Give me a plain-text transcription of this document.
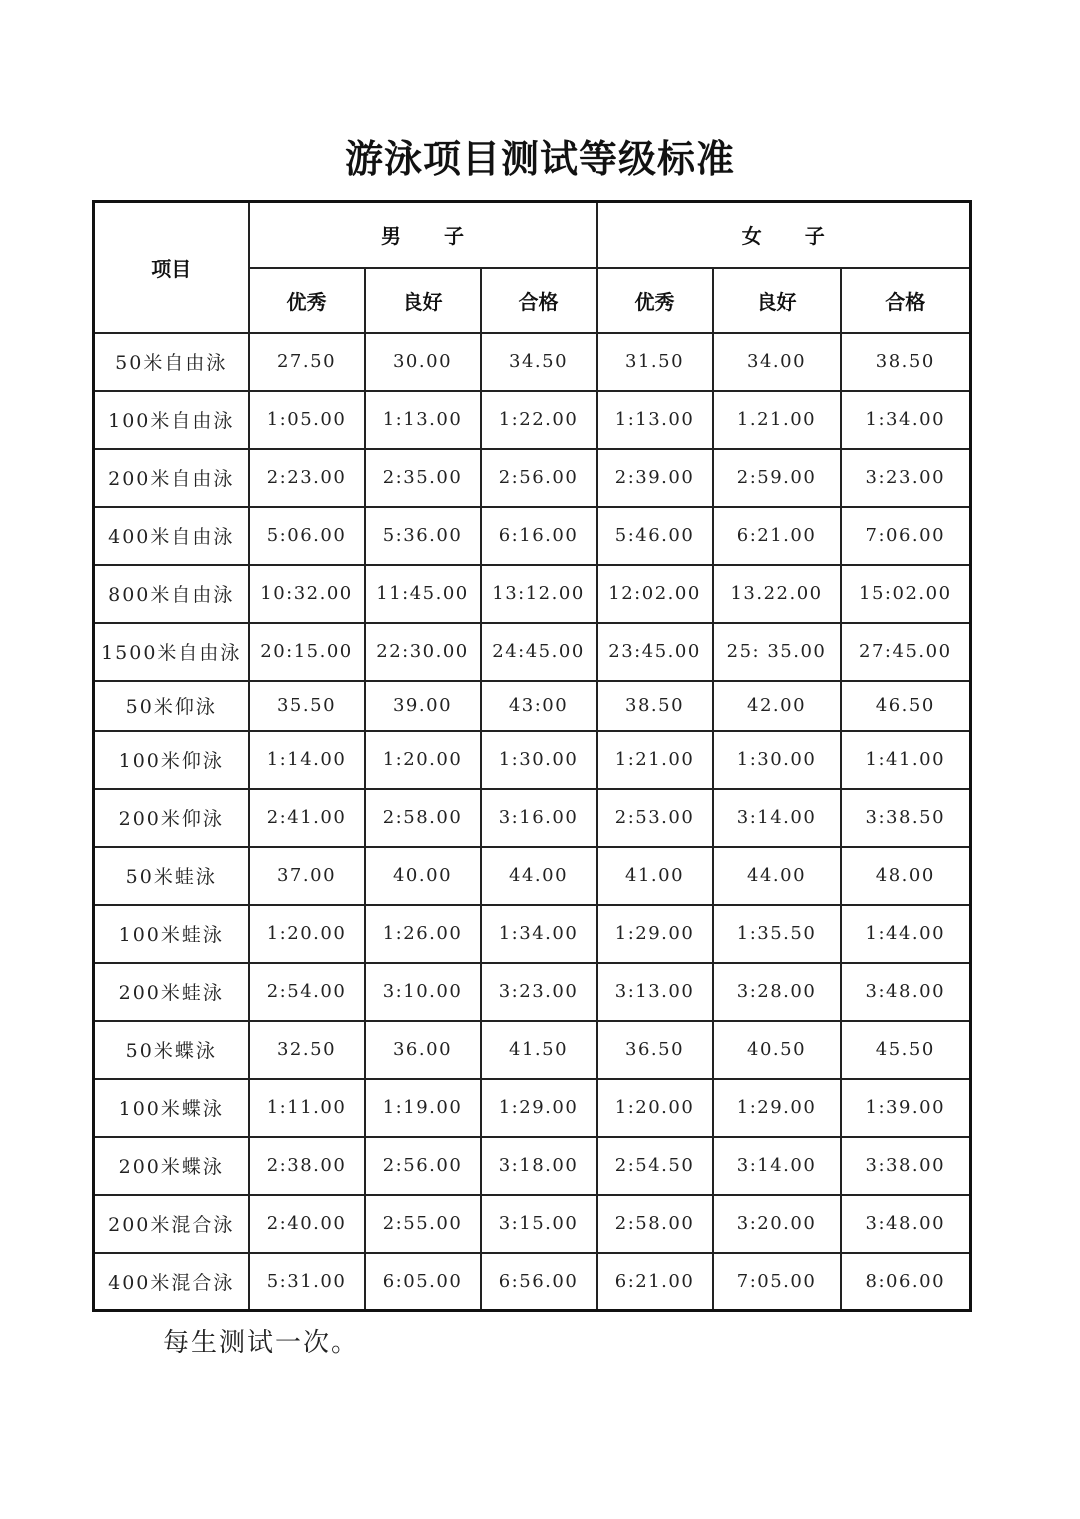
游泳项目测试等级标准
项目	男 子			女 子		
	优秀	良好	合格	优秀	良好	合格
50米自由泳	27.50	30.00	34.50	31.50	34.00	38.50
100米自由泳	1:05.00	1:13.00	1:22.00	1:13.00	1.21.00	1:34.00
200米自由泳	2:23.00	2:35.00	2:56.00	2:39.00	2:59.00	3:23.00
400米自由泳	5:06.00	5:36.00	6:16.00	5:46.00	6:21.00	7:06.00
800米自由泳	10:32.00	11:45.00	13:12.00	12:02.00	13.22.00	15:02.00
1500米自由泳	20:15.00	22:30.00	24:45.00	23:45.00	25: 35.00	27:45.00
50米仰泳	35.50	39.00	43:00	38.50	42.00	46.50
100米仰泳	1:14.00	1:20.00	1:30.00	1:21.00	1:30.00	1:41.00
200米仰泳	2:41.00	2:58.00	3:16.00	2:53.00	3:14.00	3:38.50
50米蛙泳	37.00	40.00	44.00	41.00	44.00	48.00
100米蛙泳	1:20.00	1:26.00	1:34.00	1:29.00	1:35.50	1:44.00
200米蛙泳	2:54.00	3:10.00	3:23.00	3:13.00	3:28.00	3:48.00
50米蝶泳	32.50	36.00	41.50	36.50	40.50	45.50
100米蝶泳	1:11.00	1:19.00	1:29.00	1:20.00	1:29.00	1:39.00
200米蝶泳	2:38.00	2:56.00	3:18.00	2:54.50	3:14.00	3:38.00
200米混合泳	2:40.00	2:55.00	3:15.00	2:58.00	3:20.00	3:48.00
400米混合泳	5:31.00	6:05.00	6:56.00	6:21.00	7:05.00	8:06.00
每生测试一次。
